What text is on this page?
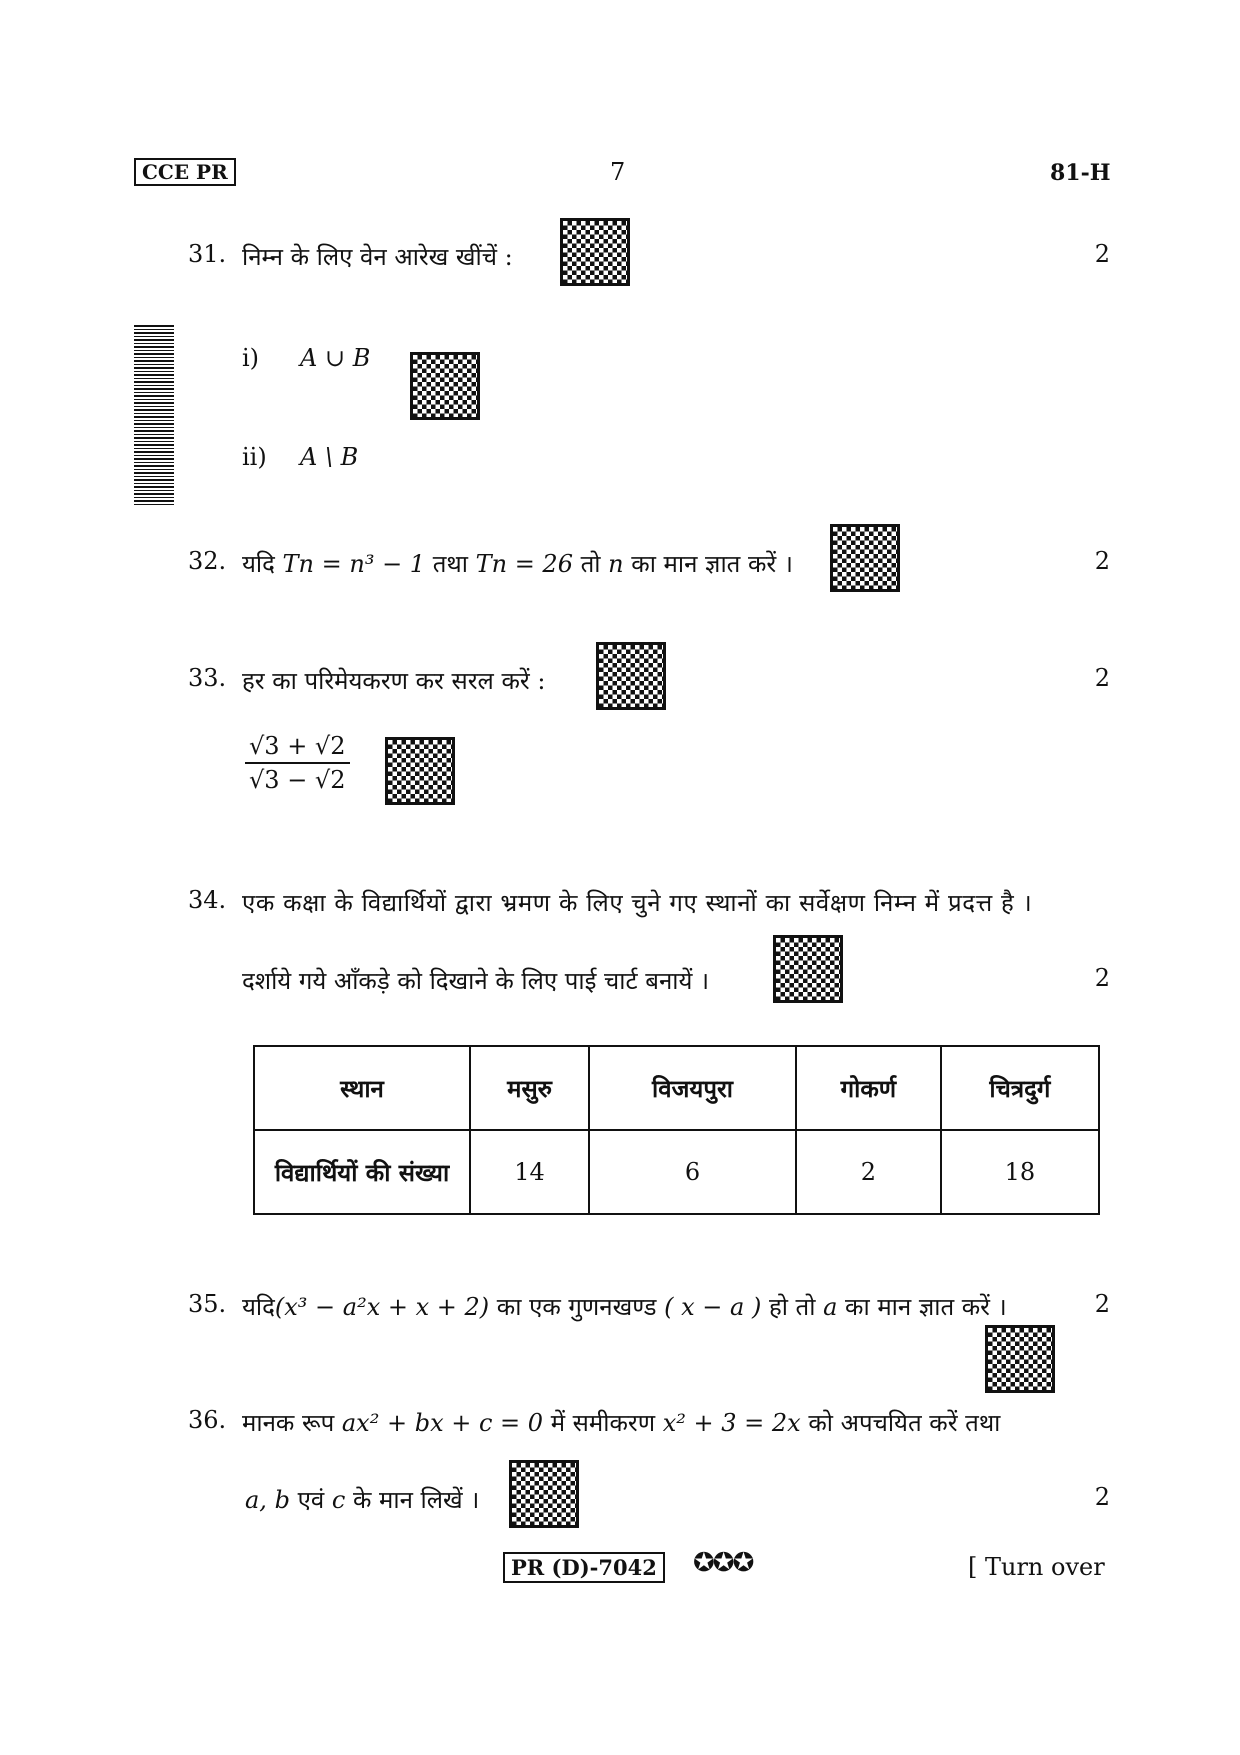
CCE PR	7	81-H
31. निम्न के लिए वेन आरेख खींचें :	2
i) A ∪ B
ii) A \ B
32. यदि Tn = n³ − 1 तथा Tn = 26 तो n का मान ज्ञात करें ।	2
33. हर का परिमेयकरण कर सरल करें :	2
$\frac{√3 + √2}{√3 - √2}$
34. एक कक्षा के विद्यार्थियों द्वारा भ्रमण के लिए चुने गए स्थानों का सर्वेक्षण निम्न में प्रदत्त है ।
दर्शाये गये आँकड़े को दिखाने के लिए पाई चार्ट बनायें ।	2
स्थान	मसुरु	विजयपुरा	गोकर्ण	चित्रदुर्ग
विद्यार्थियों की संख्या	14	6	2	18
35. यदि(x³ − a²x + x + 2) का एक गुणनखण्ड ( x − a ) हो तो a का मान ज्ञात करें ।	2
36. मानक रूप ax² + bx + c = 0 में समीकरण x² + 3 = 2x को अपचयित करें तथा
a, b एवं c के मान लिखें ।	2
PR (D)-7042	✪✪✪	[ Turn over
